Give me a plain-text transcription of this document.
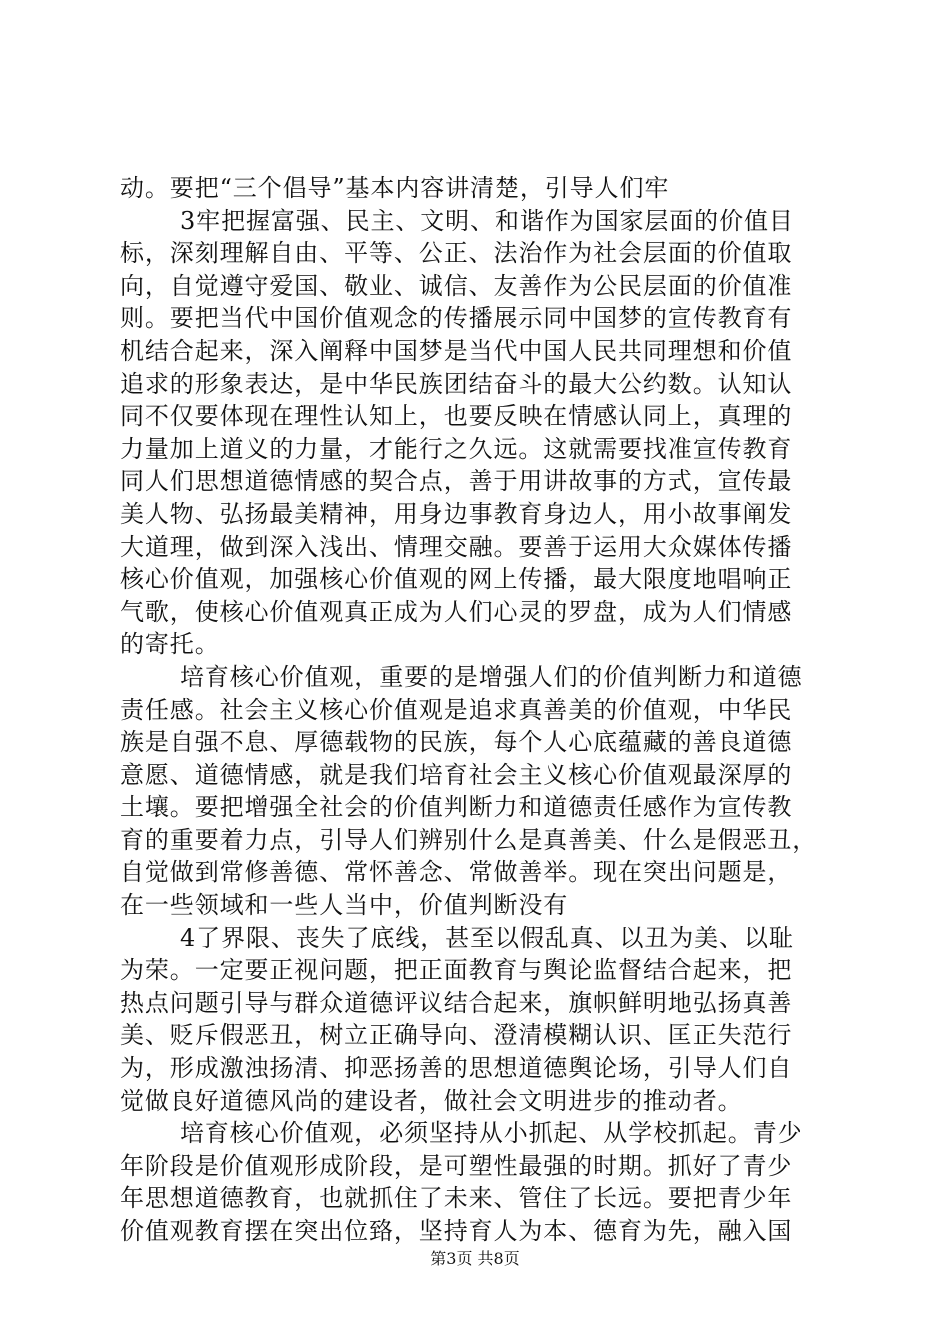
动。要把“三个倡导”基本内容讲清楚，引导人们牢
3牢把握富强、民主、文明、和谐作为国家层面的价值目
标，深刻理解自由、平等、公正、法治作为社会层面的价值取
向，自觉遵守爱国、敬业、诚信、友善作为公民层面的价值准
则。要把当代中国价值观念的传播展示同中国梦的宣传教育有
机结合起来，深入阐释中国梦是当代中国人民共同理想和价值
追求的形象表达，是中华民族团结奋斗的最大公约数。认知认
同不仅要体现在理性认知上，也要反映在情感认同上，真理的
力量加上道义的力量，才能行之久远。这就需要找准宣传教育
同人们思想道德情感的契合点，善于用讲故事的方式，宣传最
美人物、弘扬最美精神，用身边事教育身边人，用小故事阐发
大道理，做到深入浅出、情理交融。要善于运用大众媒体传播
核心价值观，加强核心价值观的网上传播，最大限度地唱响正
气歌，使核心价值观真正成为人们心灵的罗盘，成为人们情感
的寄托。
培育核心价值观，重要的是增强人们的价值判断力和道德
责任感。社会主义核心价值观是追求真善美的价值观，中华民
族是自强不息、厚德载物的民族，每个人心底蕴藏的善良道德
意愿、道德情感，就是我们培育社会主义核心价值观最深厚的
土壤。要把增强全社会的价值判断力和道德责任感作为宣传教
育的重要着力点，引导人们辨别什么是真善美、什么是假恶丑，
自觉做到常修善德、常怀善念、常做善举。现在突出问题是，
在一些领域和一些人当中，价值判断没有
4了界限、丧失了底线，甚至以假乱真、以丑为美、以耻
为荣。一定要正视问题，把正面教育与舆论监督结合起来，把
热点问题引导与群众道德评议结合起来，旗帜鲜明地弘扬真善
美、贬斥假恶丑，树立正确导向、澄清模糊认识、匡正失范行
为，形成激浊扬清、抑恶扬善的思想道德舆论场，引导人们自
觉做良好道德风尚的建设者，做社会文明进步的推动者。
培育核心价值观，必须坚持从小抓起、从学校抓起。青少
年阶段是价值观形成阶段，是可塑性最强的时期。抓好了青少
年思想道德教育，也就抓住了未来、管住了长远。要把青少年
价值观教育摆在突出位臵，坚持育人为本、德育为先，融入国
第3页 共8页
